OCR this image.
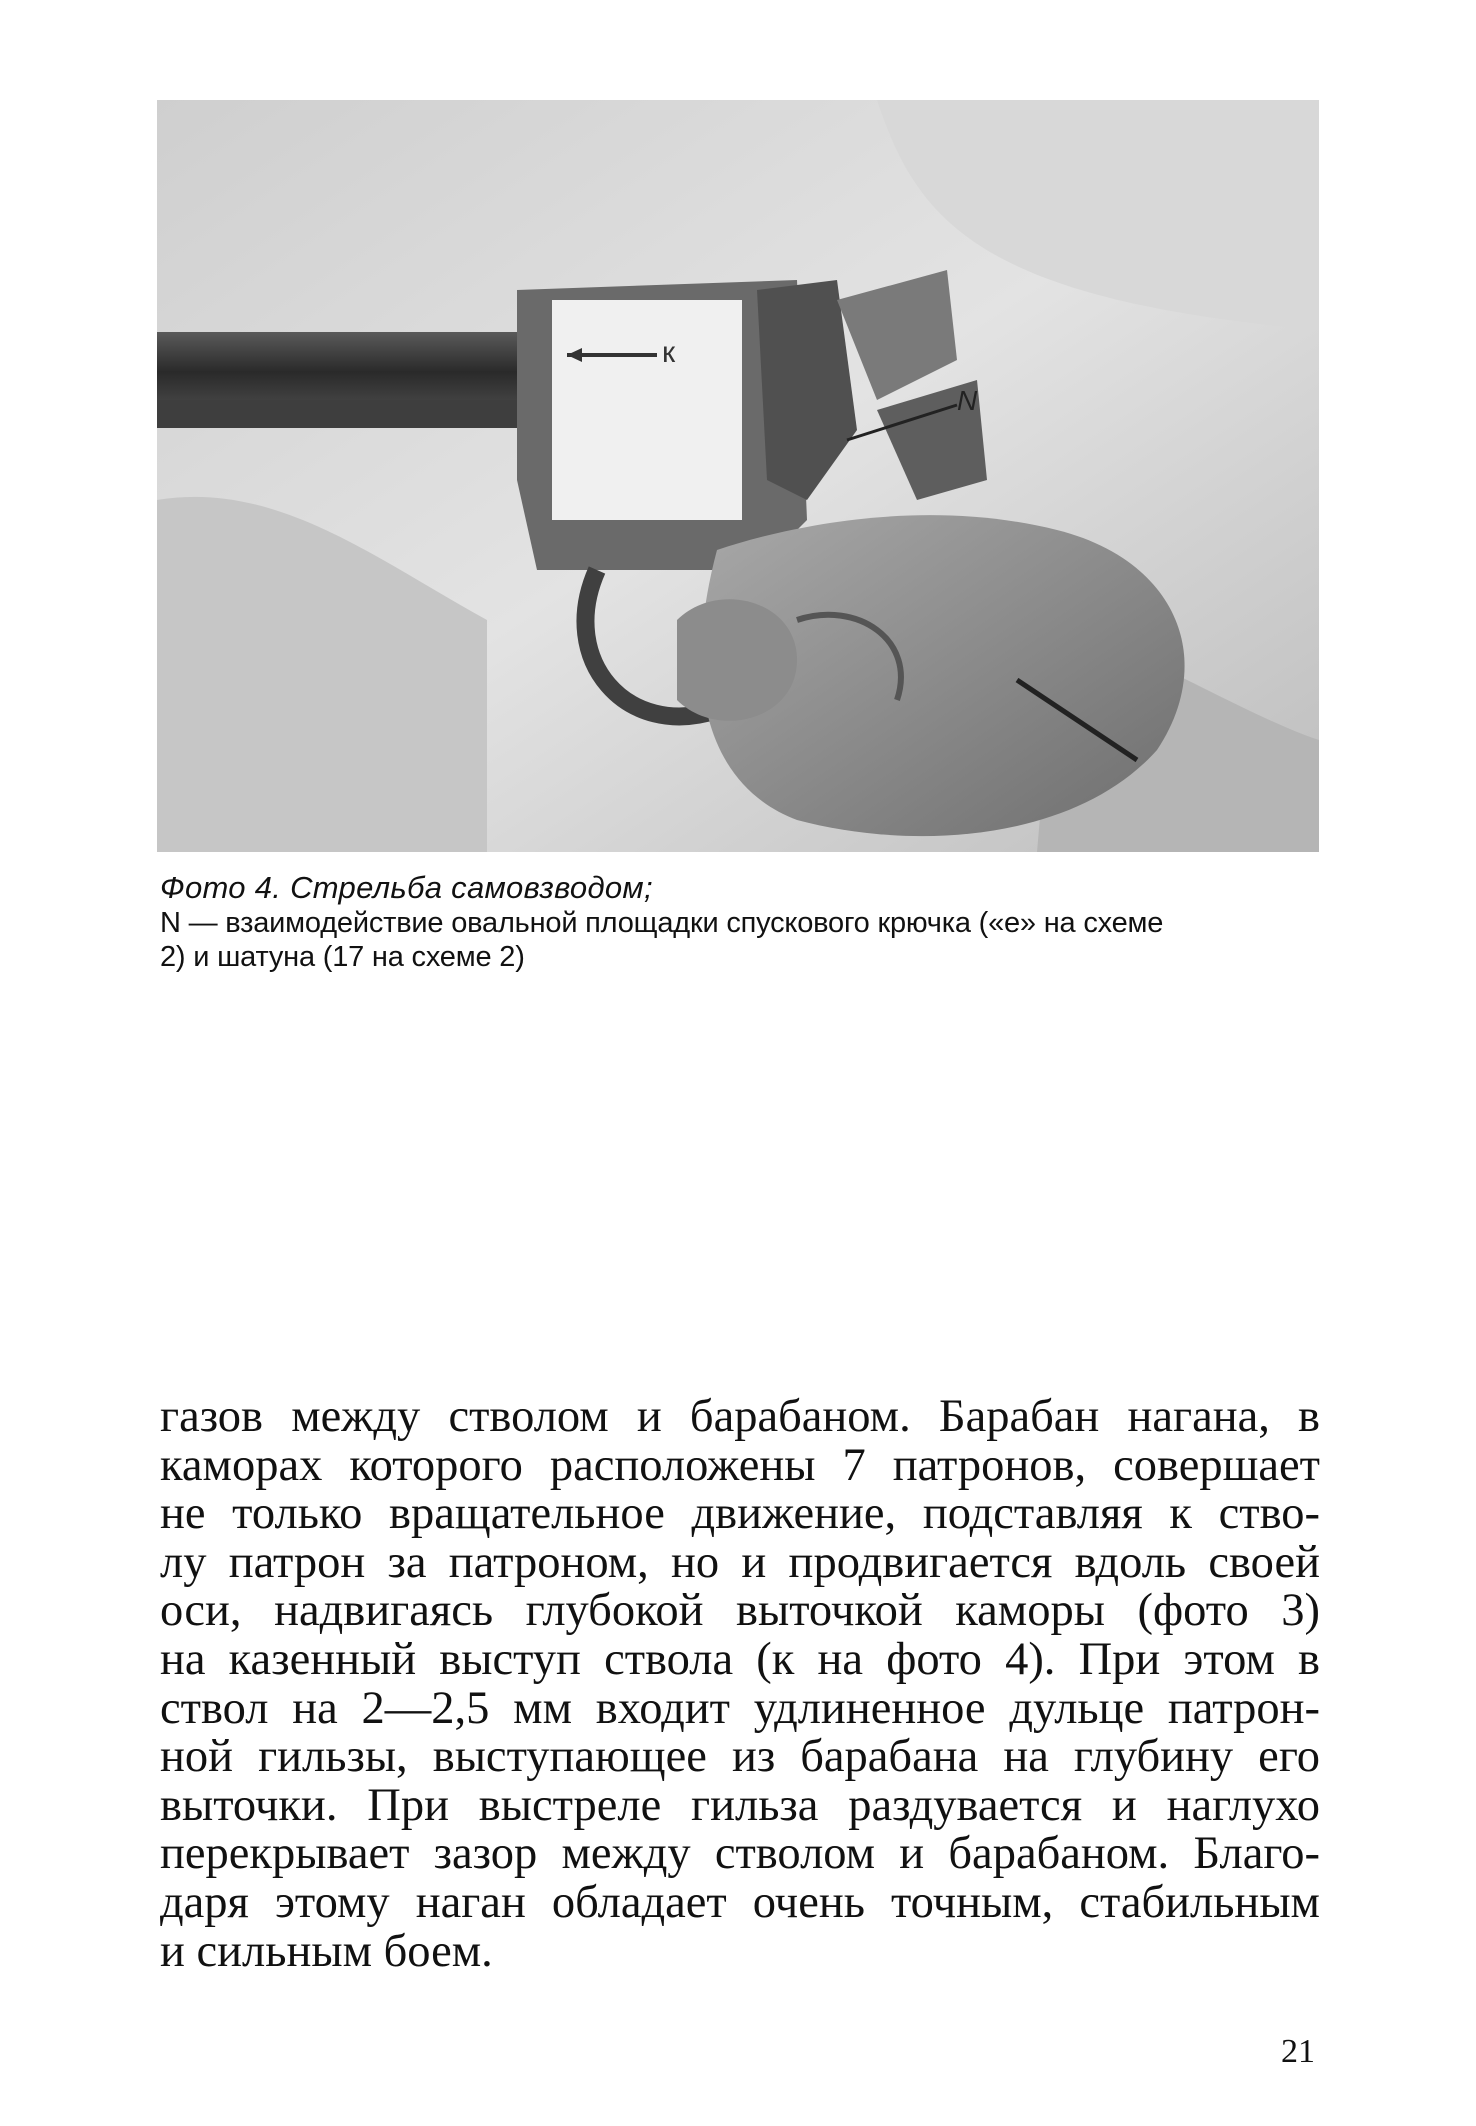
к
N
Фото 4. Стрельба самовзводом;
N — взаимодействие овальной площадки спускового крючка («е» на схеме
2) и шатуна (17 на схеме 2)
газов между стволом и барабаном. Барабан нагана, в
каморах которого расположены 7 патронов, совершает
не только вращательное движение, подставляя к ство-
лу патрон за патроном, но и продвигается вдоль своей
оси, надвигаясь глубокой выточкой каморы (фото 3)
на казенный выступ ствола (к на фото 4). При этом в
ствол на 2—2,5 мм входит удлиненное дульце патрон-
ной гильзы, выступающее из барабана на глубину его
выточки. При выстреле гильза раздувается и наглухо
перекрывает зазор между стволом и барабаном. Благо-
даря этому наган обладает очень точным, стабильным
и сильным боем.
21
